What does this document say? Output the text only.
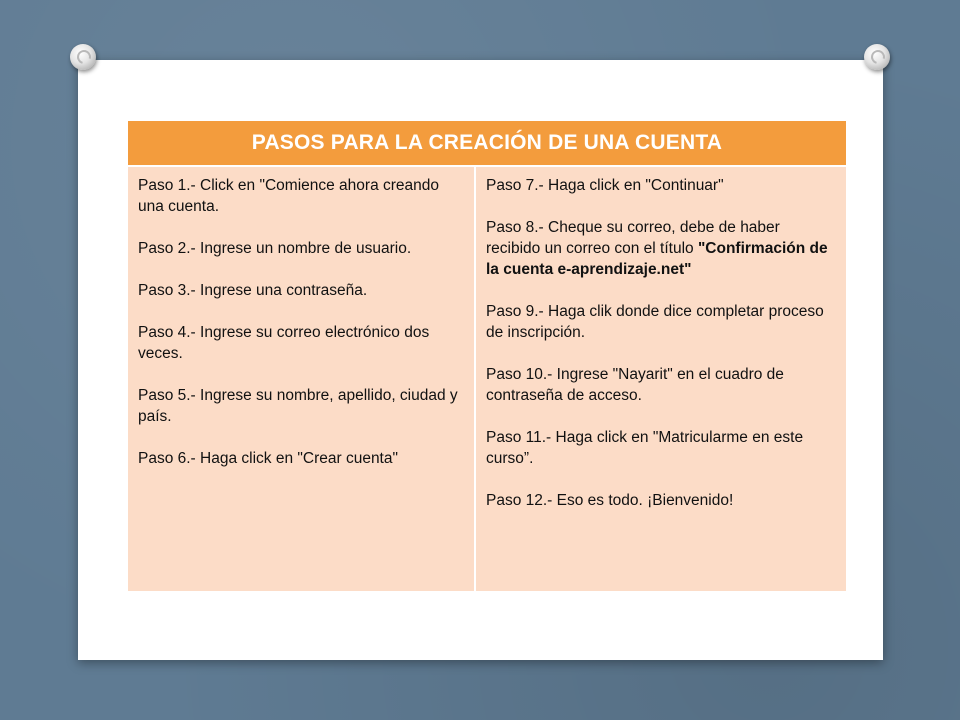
PASOS PARA LA CREACIÓN DE UNA CUENTA

Paso 1.- Click en "Comience ahora creando una cuenta.

Paso 2.- Ingrese un nombre de usuario.

Paso 3.- Ingrese una contraseña.

Paso 4.- Ingrese su correo electrónico dos veces.

Paso 5.- Ingrese su nombre, apellido, ciudad y país.

Paso 6.- Haga click en "Crear cuenta"

Paso 7.- Haga click en "Continuar"

Paso 8.- Cheque su correo, debe de haber recibido un correo con el título "Confirmación de la cuenta e-aprendizaje.net"

Paso 9.- Haga clik donde dice completar proceso de inscripción.

Paso 10.- Ingrese "Nayarit" en el cuadro de contraseña de acceso.

Paso 11.- Haga click en "Matricularme en este curso”.

Paso 12.- Eso es todo. ¡Bienvenido!
